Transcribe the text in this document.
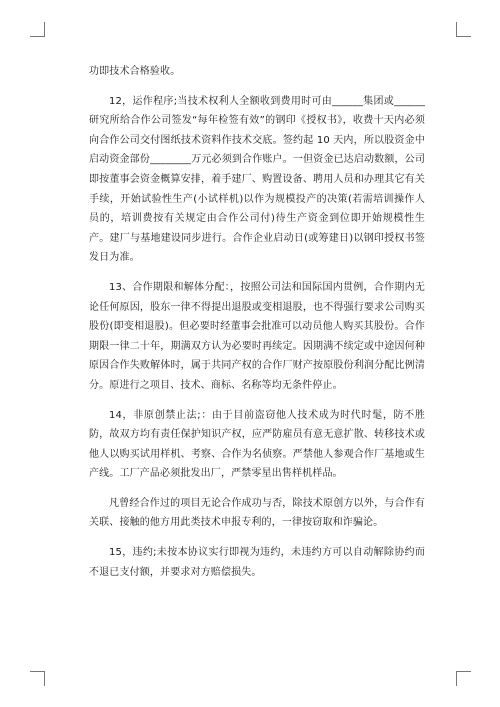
功即技术合格验收。

12，运作程序;当技术权利人全额收到费用时可由______集团或______研究所给合作公司签发“每年检签有效”的钢印《授权书》，收费十天内必须向合作公司交付图纸技术资料作技术交底。签约起 10 天内，所以股资金中启动资金部份________万元必须到合作账户。一但资金已达启动数额，公司即按董事会资金概算安排，着手建厂、购置设备、聘用人员和办理其它有关手续，开始试验性生产(小试样机)以作为规模投产的决策(若需培训操作人员的，培训费按有关规定由合作公司付)待生产资金到位即开始规模性生产。建厂与基地建设同步进行。合作企业启动日(或筹建日)以钢印授权书签发日为准。

13、合作期限和解体分配：，按照公司法和国际国内贯例，合作期内无论任何原因，股东一律不得提出退股或变相退股，也不得强行要求公司购买股份(即变相退股)。但必要时经董事会批准可以动员他人购买其股份。合作期限一律二十年，期满双方认为必要时再续定。因期满不续定或中途因何种原因合作失败解体时，属于共同产权的合作厂财产按原股份利润分配比例清分。原进行之项目、技术、商标、名称等均无条件停止。

14，非原创禁止法;：由于目前盗窃他人技术成为时代时髦，防不胜防，故双方均有责任保护知识产权，应严防雇员有意无意扩散、转移技术或他人以购买试用样机、考察、合作为名侦察。严禁他人参观合作厂基地或生产线。工厂产品必须批发出厂，严禁零星出售样机样品。

凡曾经合作过的项目无论合作成功与否，除技术原创方以外，与合作有关联、接触的他方用此类技术申报专利的，一律按窃取和诈骗论。

15，违约;未按本协议实行即视为违约，未违约方可以自动解除协约而不退已支付额，并要求对方赔偿损失。
